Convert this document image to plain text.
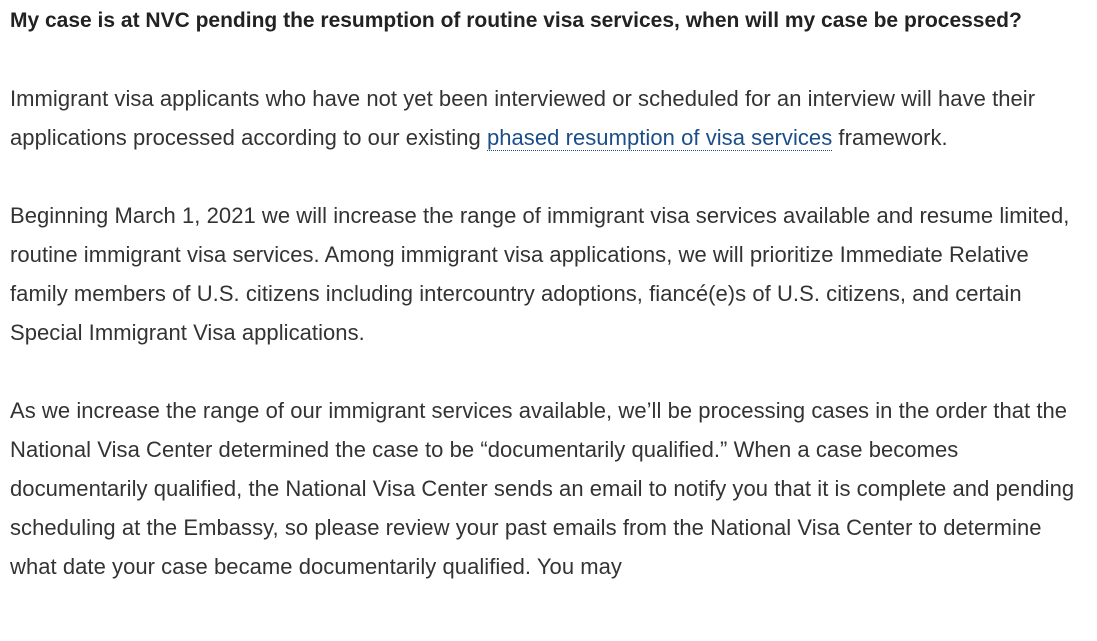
My case is at NVC pending the resumption of routine visa services, when will my case be processed?

Immigrant visa applicants who have not yet been interviewed or scheduled for an interview will have their applications processed according to our existing phased resumption of visa services framework.

Beginning March 1, 2021 we will increase the range of immigrant visa services available and resume limited, routine immigrant visa services. Among immigrant visa applications, we will prioritize Immediate Relative family members of U.S. citizens including intercountry adoptions, fiancé(e)s of U.S. citizens, and certain Special Immigrant Visa applications.

As we increase the range of our immigrant services available, we’ll be processing cases in the order that the National Visa Center determined the case to be “documentarily qualified.” When a case becomes documentarily qualified, the National Visa Center sends an email to notify you that it is complete and pending scheduling at the Embassy, so please review your past emails from the National Visa Center to determine what date your case became documentarily qualified. You may
